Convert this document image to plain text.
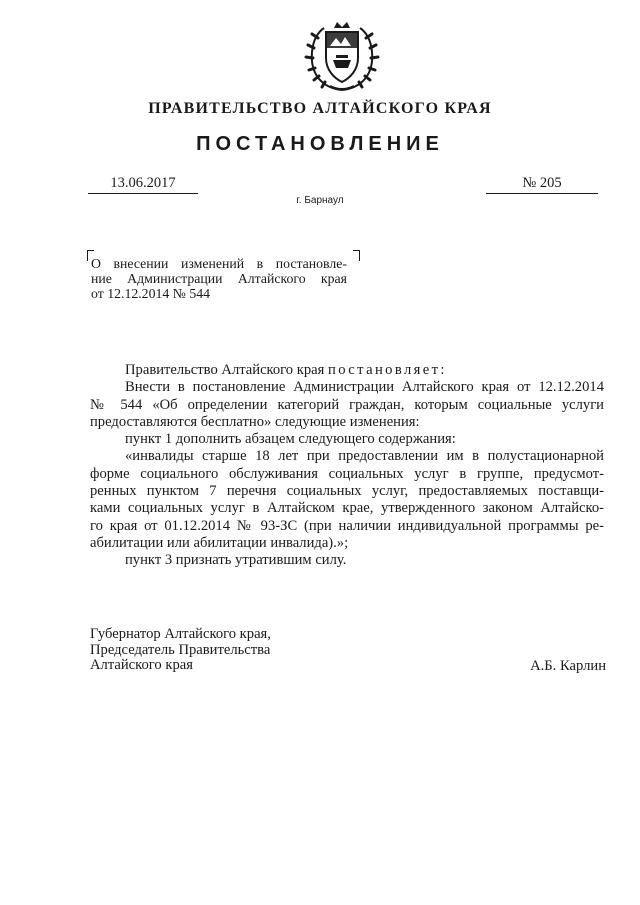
ПРАВИТЕЛЬСТВО АЛТАЙСКОГО КРАЯ
ПОСТАНОВЛЕНИЕ
13.06.2017	№ 205
г. Барнаул
О внесении изменений в постановле-
ние Администрации Алтайского края
от 12.12.2014 № 544
Правительство Алтайского края постановляет:
Внести в постановление Администрации Алтайского края от 12.12.2014
№ 544 «Об определении категорий граждан, которым социальные услуги
предоставляются бесплатно» следующие изменения:
пункт 1 дополнить абзацем следующего содержания:
«инвалиды старше 18 лет при предоставлении им в полустационарной
форме социального обслуживания социальных услуг в группе, предусмот-
ренных пунктом 7 перечня социальных услуг, предоставляемых поставщи-
ками социальных услуг в Алтайском крае, утвержденного законом Алтайско-
го края от 01.12.2014 № 93-ЗС (при наличии индивидуальной программы ре-
абилитации или абилитации инвалида).»;
пункт 3 признать утратившим силу.
Губернатор Алтайского края,
Председатель Правительства
Алтайского края	А.Б. Карлин
